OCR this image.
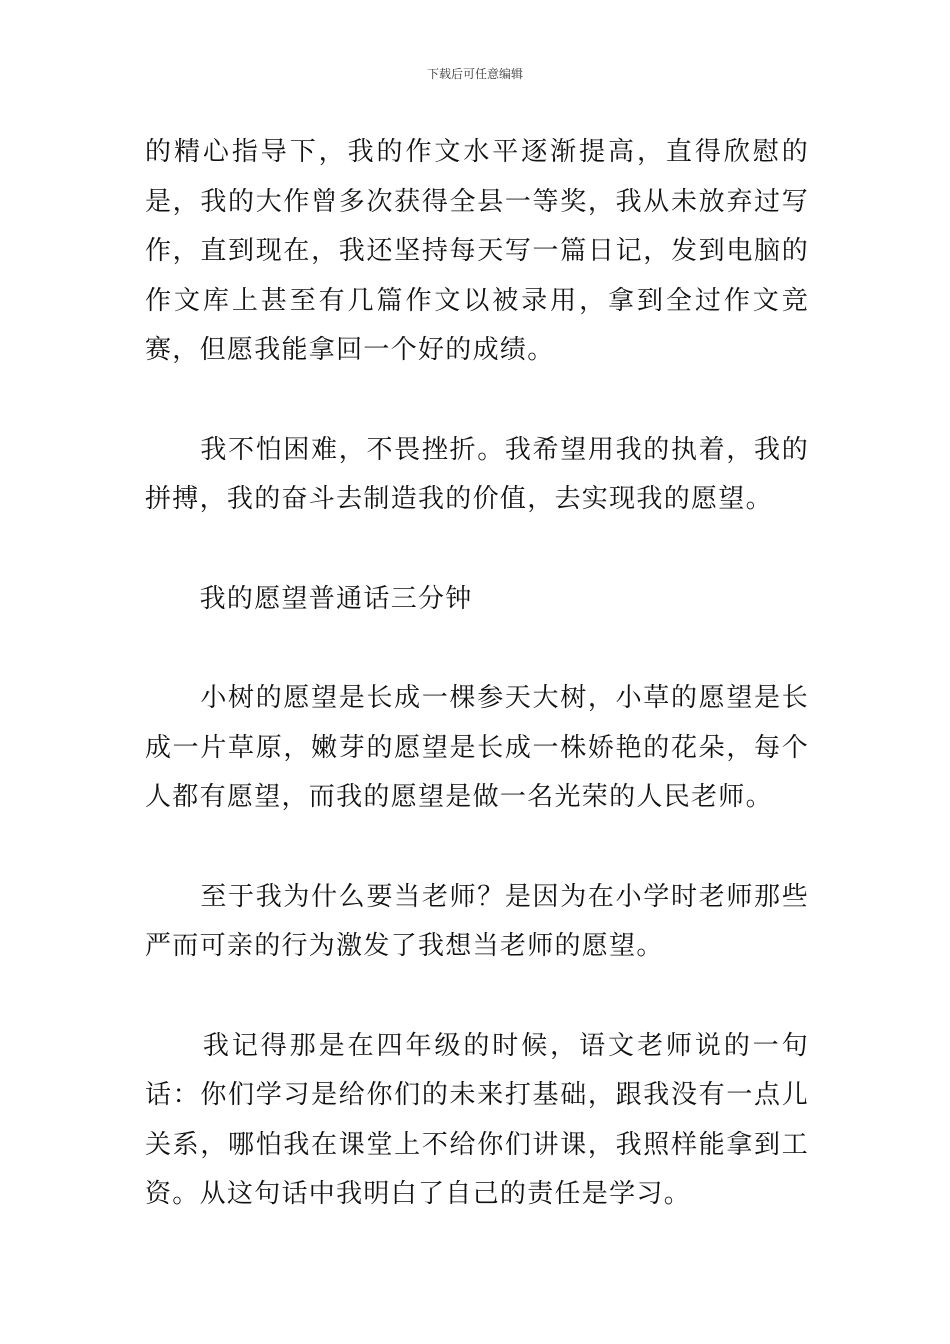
下载后可任意编辑

的精心指导下，我的作文水平逐渐提高，直得欣慰的是，我的大作曾多次获得全县一等奖，我从未放弃过写作，直到现在，我还坚持每天写一篇日记，发到电脑的作文库上甚至有几篇作文以被录用，拿到全过作文竞赛，但愿我能拿回一个好的成绩。

　　我不怕困难，不畏挫折。我希望用我的执着，我的拼搏，我的奋斗去制造我的价值，去实现我的愿望。

　　我的愿望普通话三分钟

　　小树的愿望是长成一棵参天大树，小草的愿望是长成一片草原，嫩芽的愿望是长成一株娇艳的花朵，每个人都有愿望，而我的愿望是做一名光荣的人民老师。

　　至于我为什么要当老师？是因为在小学时老师那些严而可亲的行为激发了我想当老师的愿望。

　　我记得那是在四年级的时候，语文老师说的一句话：你们学习是给你们的未来打基础，跟我没有一点儿关系，哪怕我在课堂上不给你们讲课，我照样能拿到工资。从这句话中我明白了自己的责任是学习。
